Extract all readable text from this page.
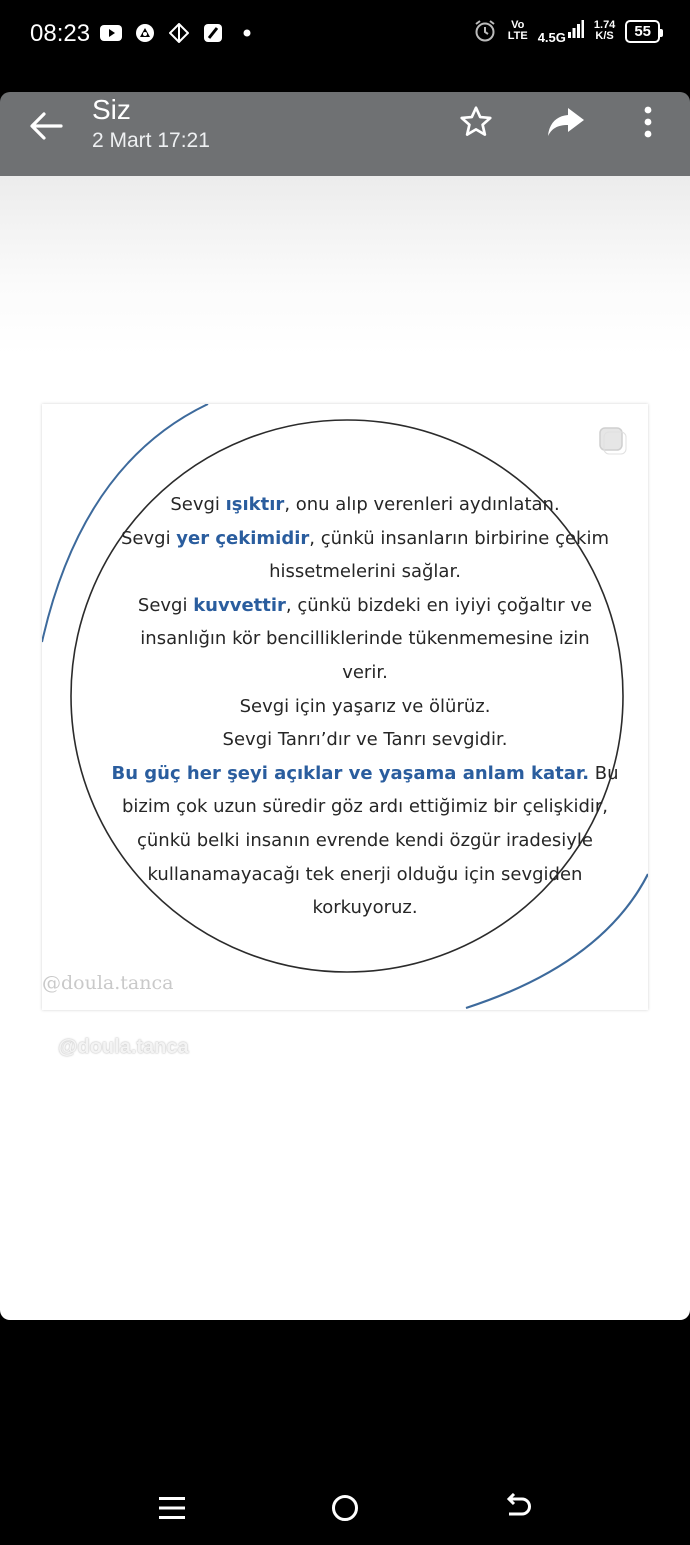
08:23	Vo
LTE 4.5G
1.74
K/S	55
Siz
2 Mart 17:21
Sevgi ışıktır, onu alıp verenleri aydınlatan.
Sevgi yer çekimidir, çünkü insanların birbirine çekim
hissetmelerini sağlar.
Sevgi kuvvettir, çünkü bizdeki en iyiyi çoğaltır ve
insanlığın kör bencilliklerinde tükenmemesine izin
verir.
Sevgi için yaşarız ve ölürüz.
Sevgi Tanrı’dır ve Tanrı sevgidir.
Bu güç her şeyi açıklar ve yaşama anlam katar. Bu
bizim çok uzun süredir göz ardı ettiğimiz bir çelişkidir,
çünkü belki insanın evrende kendi özgür iradesiyle
kullanamayacağı tek enerji olduğu için sevgiden
korkuyoruz.
@doula.tanca
@doula.tanca
